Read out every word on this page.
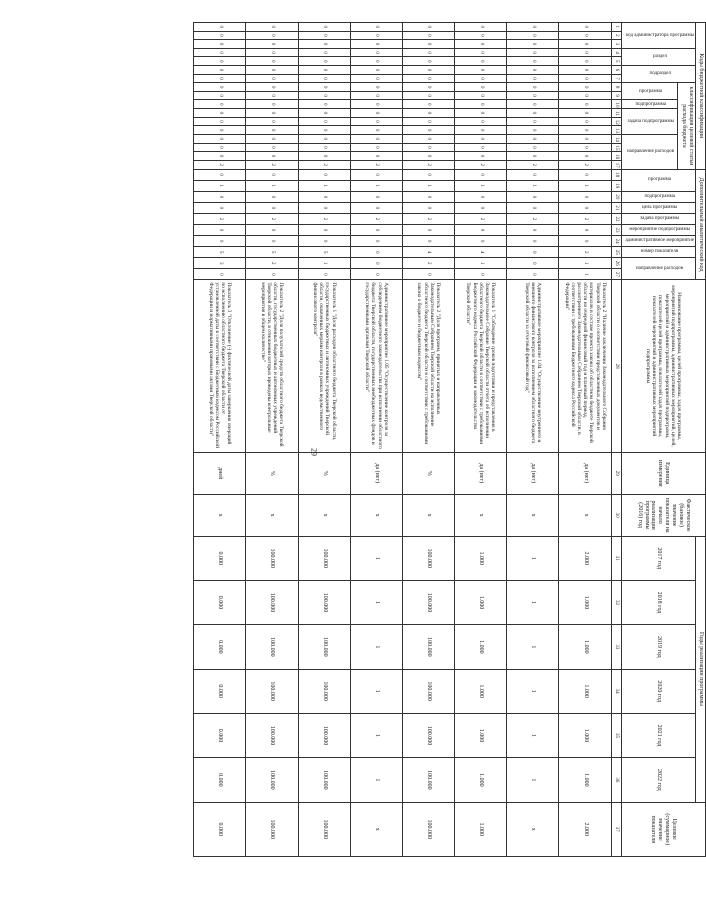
29
Коды бюджетной классификации																	Дополнительный аналитический код										Наименование программы, целей программы, задач программы, мероприятий подпрограммы, административных мероприятий, целей, мероприятий и административных мероприятий подпрограмм, показателей целей программы, показателей задач программы, показателей мероприятий и административных мероприятий подпрограммы	Единица измерения	Фактическое (базовое) значение показателя на начало реализации программы (2016) год	Годы реализации программы						Целевое (суммарное) значение показателя
код администратора программы			раздел		подраздел		классификация целевой статьи расхода бюджета										программа		подпрограмма	цель программы	задача программы	мероприятие подпрограммы	административное мероприятие	номер показателя	направление расходов					2017 год	2018 год	2019 год	2020 год	2021 год	2022 год	
							программа		подпрограмма	задача подпрограммы			направление расходов																							
1	2	3	4	5	6	7	8	9	10	11	12	13	14	15	16	17	18	19	20	21	22	23	24	25	26	27	28	29	30	31	32	33	34	35	36	37
0	0	0	0	0	0	0	0	0	0	0	0	0	0	0	0	2	0	1	0	0	2	0	0	2	1	1	Показатель 2 "Наличие заключения Законодательного Собрания Тверской области о соответствии представленных документов и материалов в составе проекта закона об областном бюджете Тверской области на очередной финансовый год и плановый период, рассмотренного Законодательным Собранием Тверской области, в соответствии с требованиями Бюджетного кодекса Российской Федерации"	да (нет)	x	2.000	1.000	1.000	1.000	1.000	1.000	2.000
0	0	0	0	0	0	0	0	0	0	0	0	0	0	0	0	2	0	1	0	0	2	0	0	0	0	0	Административное мероприятие 1.04 "Осуществление внутреннего и внешнего финансового контроля за исполнением областного бюджета Тверской области за отчетный финансовый год"	да (нет)	x	1	1	1	1	1	1	x
0	0	0	0	0	0	0	0	0	0	0	0	0	0	0	0	2	0	1	0	0	2	0	0	4	1	0	Показатель 1 "Соблюдение сроков подготовки и представления в Законодательное Собрание Тверской области отчета об исполнении областного бюджета Тверской области в соответствии с требованиями Бюджетного кодекса Российской Федерации и законодательства Тверской области"	да (нет)	x	1.000	1.000	1.000	1.000	1.000	1.000	1.000
0	0	0	0	0	0	0	0	0	0	0	0	0	0	0	0	2	0	1	0	0	2	0	0	4	2	0	Показатель 2 "Доля программ, принятых и направленных Законодательным Собранием Тверской области на исполнение областного бюджета Тверской области в соответствии с требованиями закона о бюджете и бюджетным кодексом"	%	x	100.000	100.000	100.000	100.000	100.000	100.000	100.000
0	0	0	0	0	0	0	0	0	0	0	0	0	0	0	0	2	0	1	0	0	2	0	0	0	0	0	Административное мероприятие 1.05 "Осуществление контроля за соблюдением бюджетного законодательства при исполнении областного бюджета Тверской области, государственных внебюджетных фондов и государственными органами Тверской области"	да (нет)	x	1	1	1	1	1	1	x
0	0	0	0	0	0	0	0	0	0	0	0	0	0	0	0	2	0	1	0	0	2	0	0	5	1	0	Показатель 1 "Доля расходов областного бюджета Тверской области, государственных бюджетных и автономных учреждений Тверской области, охваченных мерами контроля в рамках ведомственного финансового контроля"	%	x	100.000	100.000	100.000	100.000	100.000	100.000	100.000
0	0	0	0	0	0	0	0	0	0	0	0	0	0	0	0	2	0	1	0	0	2	0	0	5	2	0	Показатель 2 "Доля получателей средств областного бюджета Тверской области, государственных бюджетных и автономных учреждений Тверской области, в отношении которых проведены контрольные мероприятия в общем количестве"	%	x	100.000	100.000	100.000	100.000	100.000	100.000	100.000
0	0	0	0	0	0	0	0	0	0	0	0	0	0	0	0	2	0	1	0	0	2	0	0	5	3	0	Показатель 3 "Отклонение (-) фактической даты завершения операций по исполнению областного бюджета Тверской области от установленной даты в соответствии с Бюджетным кодексом Российской Федерации и нормативными правовыми актами Тверской области"	дней	x	0.000	0.000	0.000	0.000	0.000	0.000	0.000
